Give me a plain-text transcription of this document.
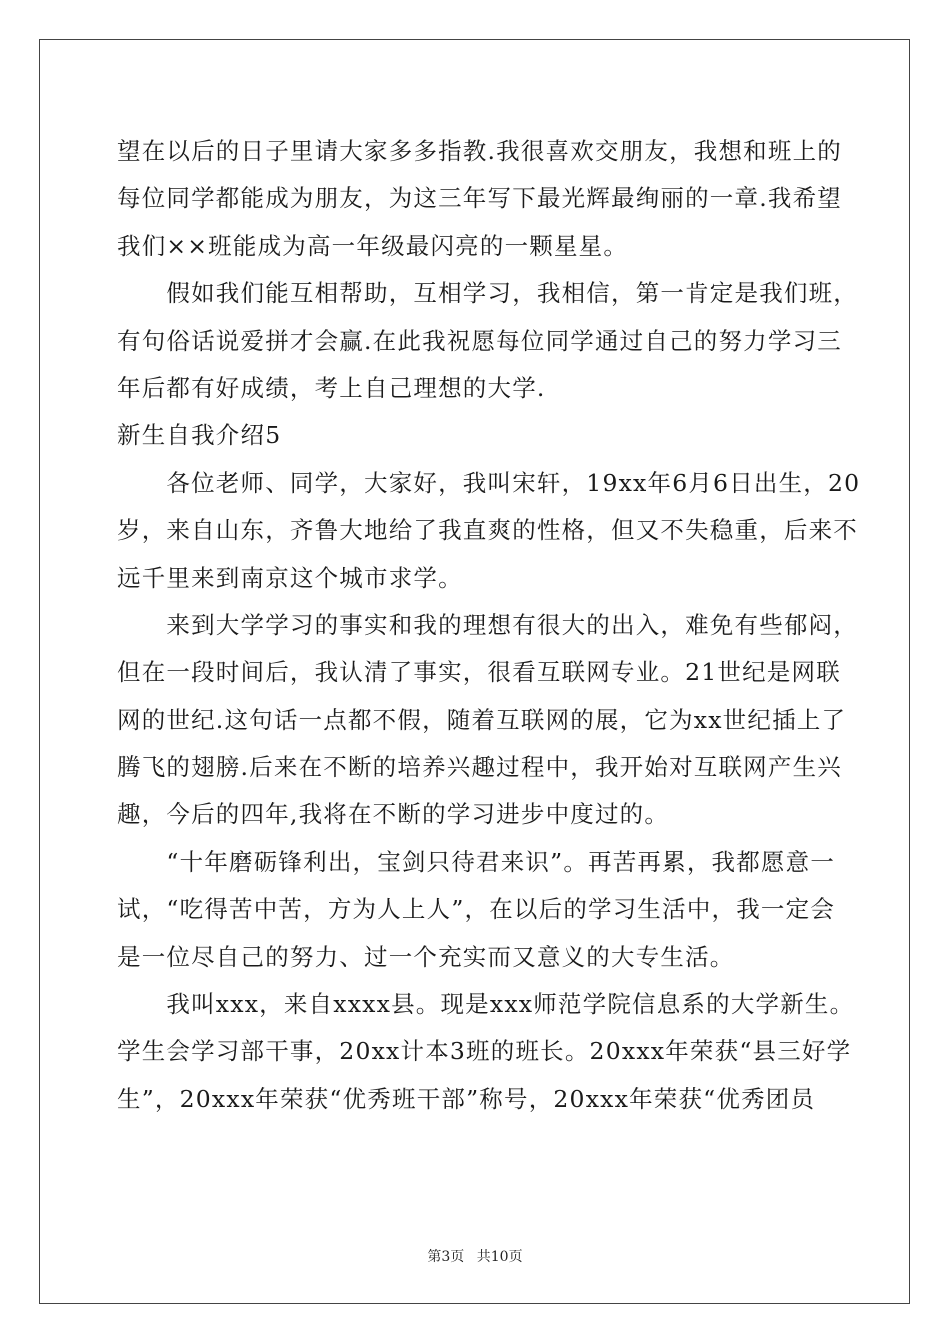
望在以后的日子里请大家多多指教.我很喜欢交朋友，我想和班上的
每位同学都能成为朋友，为这三年写下最光辉最绚丽的一章.我希望
我们××班能成为高一年级最闪亮的一颗星星。
　　假如我们能互相帮助，互相学习，我相信，第一肯定是我们班，
有句俗话说爱拼才会赢.在此我祝愿每位同学通过自己的努力学习三
年后都有好成绩，考上自己理想的大学.
新生自我介绍5
　　各位老师、同学，大家好，我叫宋轩，19xx年6月6日出生，20
岁，来自山东，齐鲁大地给了我直爽的性格，但又不失稳重，后来不
远千里来到南京这个城市求学。
　　来到大学学习的事实和我的理想有很大的出入，难免有些郁闷，
但在一段时间后，我认清了事实，很看互联网专业。21世纪是网联
网的世纪.这句话一点都不假，随着互联网的展，它为xx世纪插上了
腾飞的翅膀.后来在不断的培养兴趣过程中，我开始对互联网产生兴
趣，今后的四年,我将在不断的学习进步中度过的。
　　“十年磨砺锋利出，宝剑只待君来识”。再苦再累，我都愿意一
试，“吃得苦中苦，方为人上人”，在以后的学习生活中，我一定会
是一位尽自己的努力、过一个充实而又意义的大专生活。
　　我叫xxx，来自xxxx县。现是xxx师范学院信息系的大学新生。
学生会学习部干事，20xx计本3班的班长。20xxx年荣获“县三好学
生”，20xxx年荣获“优秀班干部”称号，20xxx年荣获“优秀团员
第3页 共10页
